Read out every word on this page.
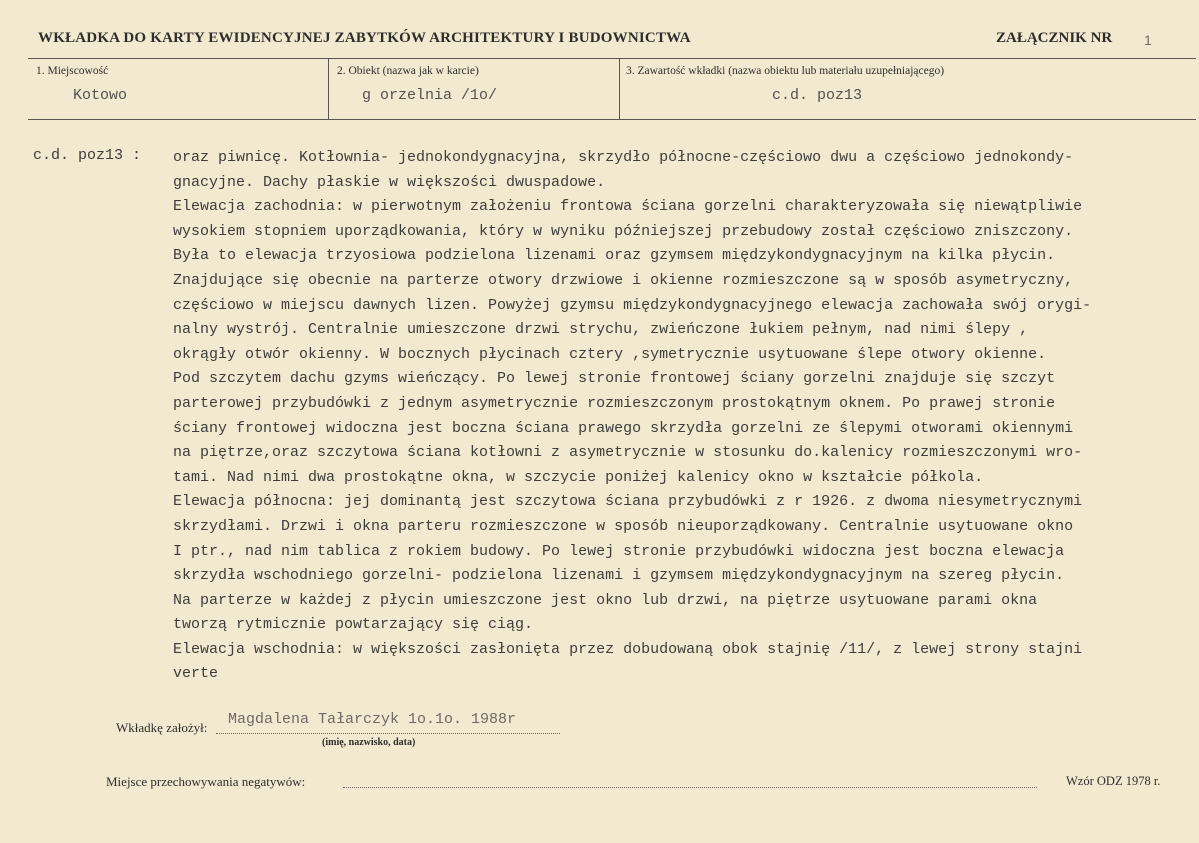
WKŁADKA DO KARTY EWIDENCYJNEJ ZABYTKÓW ARCHITEKTURY I BUDOWNICTWA	ZAŁĄCZNIK NR 1
1. Miejscowość
Kotowo
2. Obiekt (nazwa jak w karcie)
g orzelnia /1o/
3. Zawartość wkładki (nazwa obiektu lub materiału uzupełniającego)
c.d. poz13
c.d. poz13 : oraz piwnicę. Kotłownia- jednokondygnacyjna, skrzydło północne-częściowo dwu a częściowo jednokondy-
gnacyjne. Dachy płaskie w większości dwuspadowe.
Elewacja zachodnia: w pierwotnym założeniu frontowa ściana gorzelni charakteryzowała się niewątpliwie
wysokiem stopniem uporządkowania, który w wyniku późniejszej przebudowy został częściowo zniszczony.
Była to elewacja trzyosiowa podzielona lizenami oraz gzymsem międzykondygnacyjnym na kilka płycin.
Znajdujące się obecnie na parterze otwory drzwiowe i okienne rozmieszczone są w sposób asymetryczny,
częściowo w miejscu dawnych lizen. Powyżej gzymsu międzykondygnacyjnego elewacja zachowała swój orygi-
nalny wystrój. Centralnie umieszczone drzwi strychu, zwieńczone łukiem pełnym, nad nimi ślepy ,
okrągły otwór okienny. W bocznych płycinach cztery ,symetrycznie usytuowane ślepe otwory okienne.
Pod szczytem dachu gzyms wieńczący. Po lewej stronie frontowej ściany gorzelni znajduje się szczyt
parterowej przybudówki z jednym asymetrycznie rozmieszczonym prostokątnym oknem. Po prawej stronie
ściany frontowej widoczna jest boczna ściana prawego skrzydła gorzelni ze ślepymi otworami okiennymi
na piętrze,oraz szczytowa ściana kotłowni z asymetrycznie w stosunku do.kalenicy rozmieszczonymi wro-
tami. Nad nimi dwa prostokątne okna, w szczycie poniżej kalenicy okno w kształcie półkola.
Elewacja północna: jej dominantą jest szczytowa ściana przybudówki z r 1926. z dwoma niesymetrycznymi
skrzydłami. Drzwi i okna parteru rozmieszczone w sposób nieuporządkowany. Centralnie usytuowane okno
I ptr., nad nim tablica z rokiem budowy. Po lewej stronie przybudówki widoczna jest boczna elewacja
skrzydła wschodniego gorzelni- podzielona lizenami i gzymsem międzykondygnacyjnym na szereg płycin.
Na parterze w każdej z płycin umieszczone jest okno lub drzwi, na piętrze usytuowane parami okna
tworzą rytmicznie powtarzający się ciąg.
Elewacja wschodnia: w większości zasłonięta przez dobudowaną obok stajnię /11/, z lewej strony stajni
verte
Wkładkę założył: Magdalena Tałarczyk 1o.1o. 1988r
(imię, nazwisko, data)
Miejsce przechowywania negatywów:	Wzór ODZ 1978 r.
